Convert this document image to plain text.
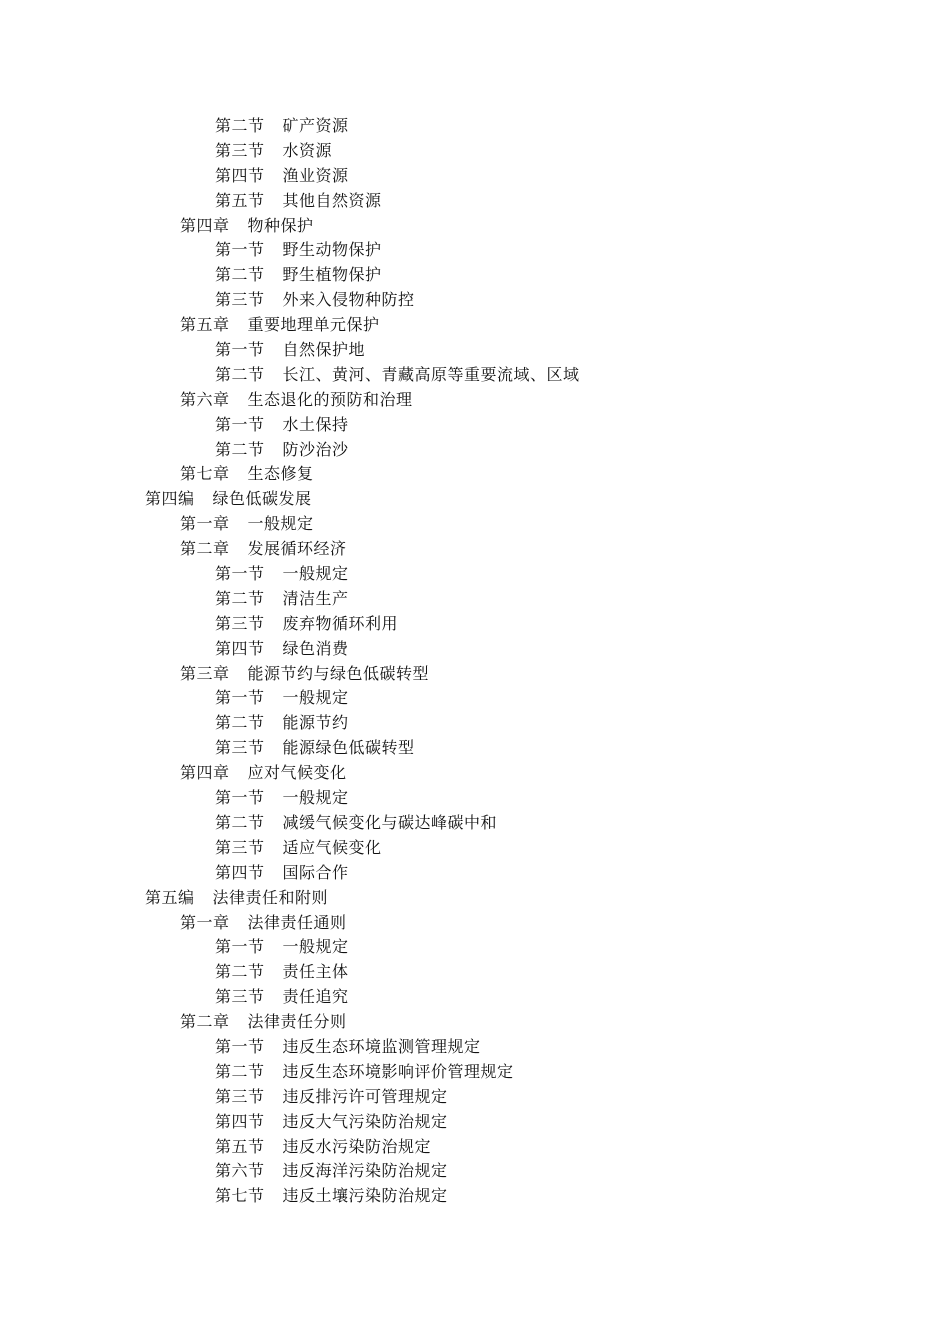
第二节 矿产资源
第三节 水资源
第四节 渔业资源
第五节 其他自然资源
第四章 物种保护
第一节 野生动物保护
第二节 野生植物保护
第三节 外来入侵物种防控
第五章 重要地理单元保护
第一节 自然保护地
第二节 长江、黄河、青藏高原等重要流域、区域
第六章 生态退化的预防和治理
第一节 水土保持
第二节 防沙治沙
第七章 生态修复
第四编 绿色低碳发展
第一章 一般规定
第二章 发展循环经济
第一节 一般规定
第二节 清洁生产
第三节 废弃物循环利用
第四节 绿色消费
第三章 能源节约与绿色低碳转型
第一节 一般规定
第二节 能源节约
第三节 能源绿色低碳转型
第四章 应对气候变化
第一节 一般规定
第二节 减缓气候变化与碳达峰碳中和
第三节 适应气候变化
第四节 国际合作
第五编 法律责任和附则
第一章 法律责任通则
第一节 一般规定
第二节 责任主体
第三节 责任追究
第二章 法律责任分则
第一节 违反生态环境监测管理规定
第二节 违反生态环境影响评价管理规定
第三节 违反排污许可管理规定
第四节 违反大气污染防治规定
第五节 违反水污染防治规定
第六节 违反海洋污染防治规定
第七节 违反土壤污染防治规定
